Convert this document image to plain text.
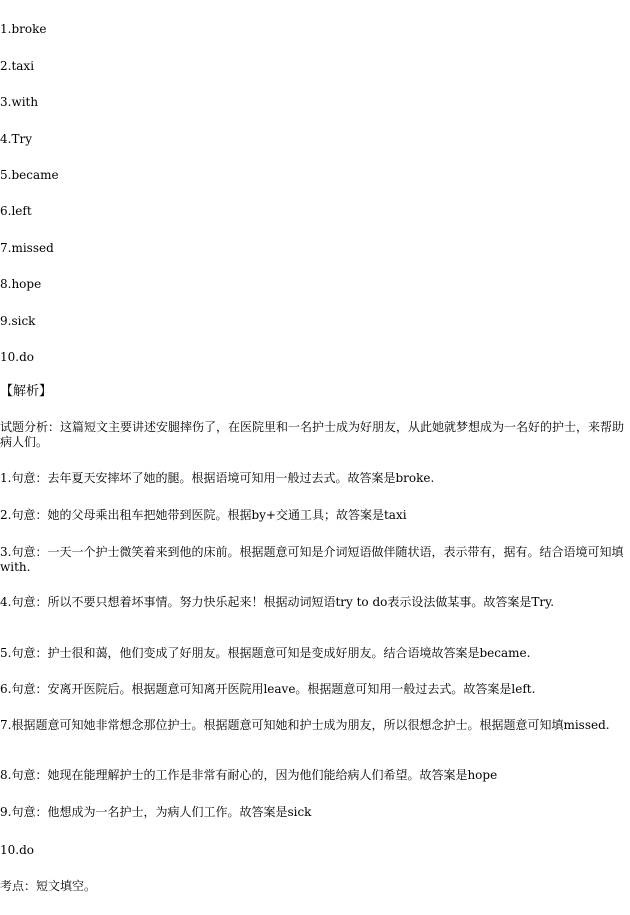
1.broke
2.taxi
3.with
4.Try
5.became
6.left
7.missed
8.hope
9.sick
10.do
【解析】
试题分析：这篇短文主要讲述安腿摔伤了，在医院里和一名护士成为好朋友，从此她就梦想成为一名好的护士，来帮助病人们。
1.句意：去年夏天安摔坏了她的腿。根据语境可知用一般过去式。故答案是broke.
2.句意：她的父母乘出租车把她带到医院。根据by+交通工具；故答案是taxi
3.句意：一天一个护士微笑着来到他的床前。根据题意可知是介词短语做伴随状语，表示带有，据有。结合语境可知填with.
4.句意：所以不要只想着坏事情。努力快乐起来！根据动词短语try to do表示设法做某事。故答案是Try.
5.句意：护士很和蔼，他们变成了好朋友。根据题意可知是变成好朋友。结合语境故答案是became.
6.句意：安离开医院后。根据题意可知离开医院用leave。根据题意可知用一般过去式。故答案是left.
7.根据题意可知她非常想念那位护士。根据题意可知她和护士成为朋友，所以很想念护士。根据题意可知填missed.
8.句意：她现在能理解护士的工作是非常有耐心的，因为他们能给病人们希望。故答案是hope
9.句意：他想成为一名护士，为病人们工作。故答案是sick
10.do
考点：短文填空。
